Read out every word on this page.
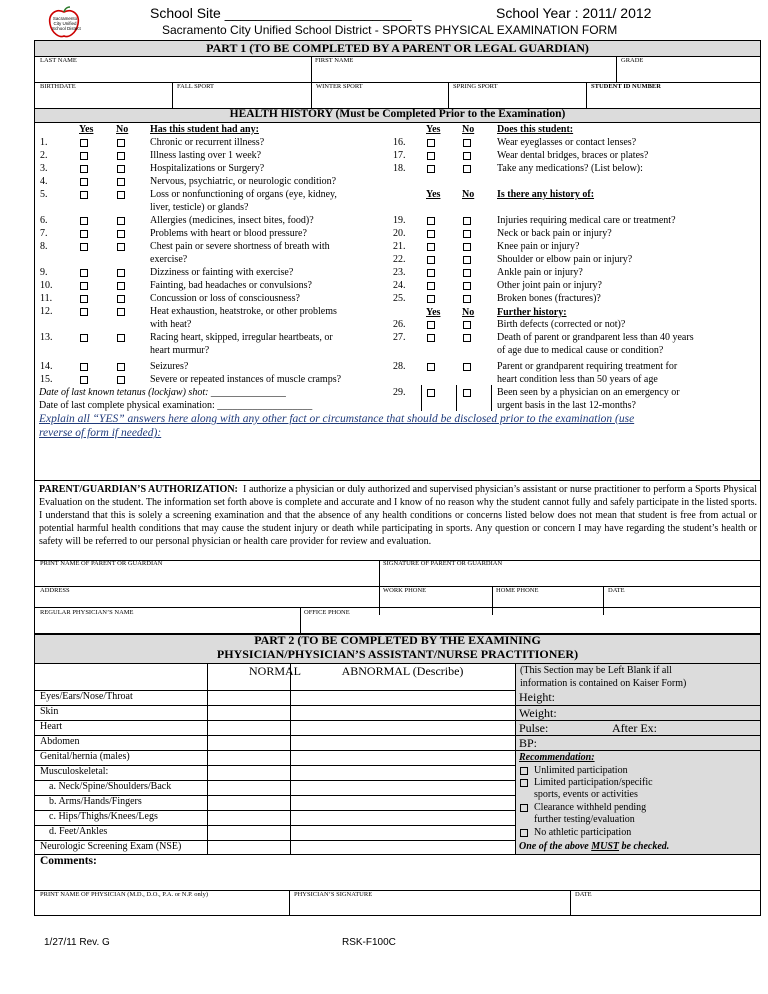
Sacramento
City Unified
School District
School Site ________________________	School Year : 2011/ 2012
Sacramento City Unified School District - SPORTS PHYSICAL EXAMINATION FORM
PART 1 (TO BE COMPLETED BY A PARENT OR LEGAL GUARDIAN)
LAST NAME	FIRST NAME	GRADE
BIRTHDATE	FALL SPORT	WINTER SPORT	SPRING SPORT	STUDENT ID NUMBER
HEALTH HISTORY (Must be Completed Prior to the Examination)
Yes No Has this student had any:	Yes No Does this student:
1.	Chronic or recurrent illness?
2.	Illness lasting over 1 week?
3.	Hospitalizations or Surgery?
4.	Nervous, psychiatric, or neurologic condition?
5.	Loss or nonfunctioning of organs (eye, kidney,
liver, testicle) or glands?
6.	Allergies (medicines, insect bites, food)?
7.	Problems with heart or blood pressure?
8.	Chest pain or severe shortness of breath with
exercise?
9.	Dizziness or fainting with exercise?
10.	Fainting, bad headaches or convulsions?
11.	Concussion or loss of consciousness?
12.	Heat exhaustion, heatstroke, or other problems
with heat?
13.	Racing heart, skipped, irregular heartbeats, or
heart murmur?
14.	Seizures?
15.	Severe or repeated instances of muscle cramps?
16.	Wear eyeglasses or contact lenses?
17.	Wear dental bridges, braces or plates?
18.	Take any medications? (List below):
19.	Injuries requiring medical care or treatment?
20.	Neck or back pain or injury?
21.	Knee pain or injury?
22.	Shoulder or elbow pain or injury?
23.	Ankle pain or injury?
24.	Other joint pain or injury?
25.	Broken bones (fractures)?
26.	Birth defects (corrected or not)?
27.	Death of parent or grandparent less than 40 years
of age due to medical cause or condition?
28.	Parent or grandparent requiring treatment for
heart condition less than 50 years of age
29.	Been seen by a physician on an emergency or
urgent basis in the last 12-months?
Yes No Is there any history of:
Yes No Further history:
Date of last known tetanus (lockjaw) shot: _______________
Date of last complete physical examination: ___________________
Explain all “YES” answers here along with any other fact or circumstance that should be disclosed prior to the examination (use
reverse of form if needed):
PARENT/GUARDIAN’S AUTHORIZATION: I authorize a physician or duly authorized and supervised physician’s assistant or nurse practitioner to perform a Sports Physical Evaluation on the student. The information set forth above is complete and accurate and I know of no reason why the student cannot fully and safely participate in the listed sports. I understand that this is solely a screening examination and that the absence of any health conditions or concerns listed below does not mean that student is free from actual or potential harmful health conditions that may cause the student injury or death while participating in sports. Any question or concern I may have regarding the student’s health or safety will be referred to our personal physician or health care provider for review and evaluation.
PRINT NAME OF PARENT OR GUARDIAN	SIGNATURE OF PARENT OR GUARDIAN
ADDRESS	WORK PHONE	HOME PHONE	DATE
REGULAR PHYSICIAN’S NAME	OFFICE PHONE
PART 2 (TO BE COMPLETED BY THE EXAMINING
PHYSICIAN/PHYSICIAN’S ASSISTANT/NURSE PRACTITIONER)
NORMAL	ABNORMAL (Describe)	(This Section may be Left Blank if all
information is contained on Kaiser Form)
Eyes/Ears/Nose/Throat
Skin
Heart
Abdomen
Genital/hernia (males)
Musculoskeletal:
a. Neck/Spine/Shoulders/Back
b. Arms/Hands/Fingers
c. Hips/Thighs/Knees/Legs
d. Feet/Ankles
Neurologic Screening Exam (NSE)
Height:
Weight:
Pulse:	After Ex:
BP:
Recommendation:
Unlimited participation
Limited participation/specific
sports, events or activities
Clearance withheld pending
further testing/evaluation
No athletic participation
One of the above MUST be checked.
Comments:
PRINT NAME OF PHYSICIAN (M.D., D.O., P.A. or N.P. only)	PHYSICIAN’S SIGNATURE	DATE
1/27/11 Rev. G	RSK-F100C
